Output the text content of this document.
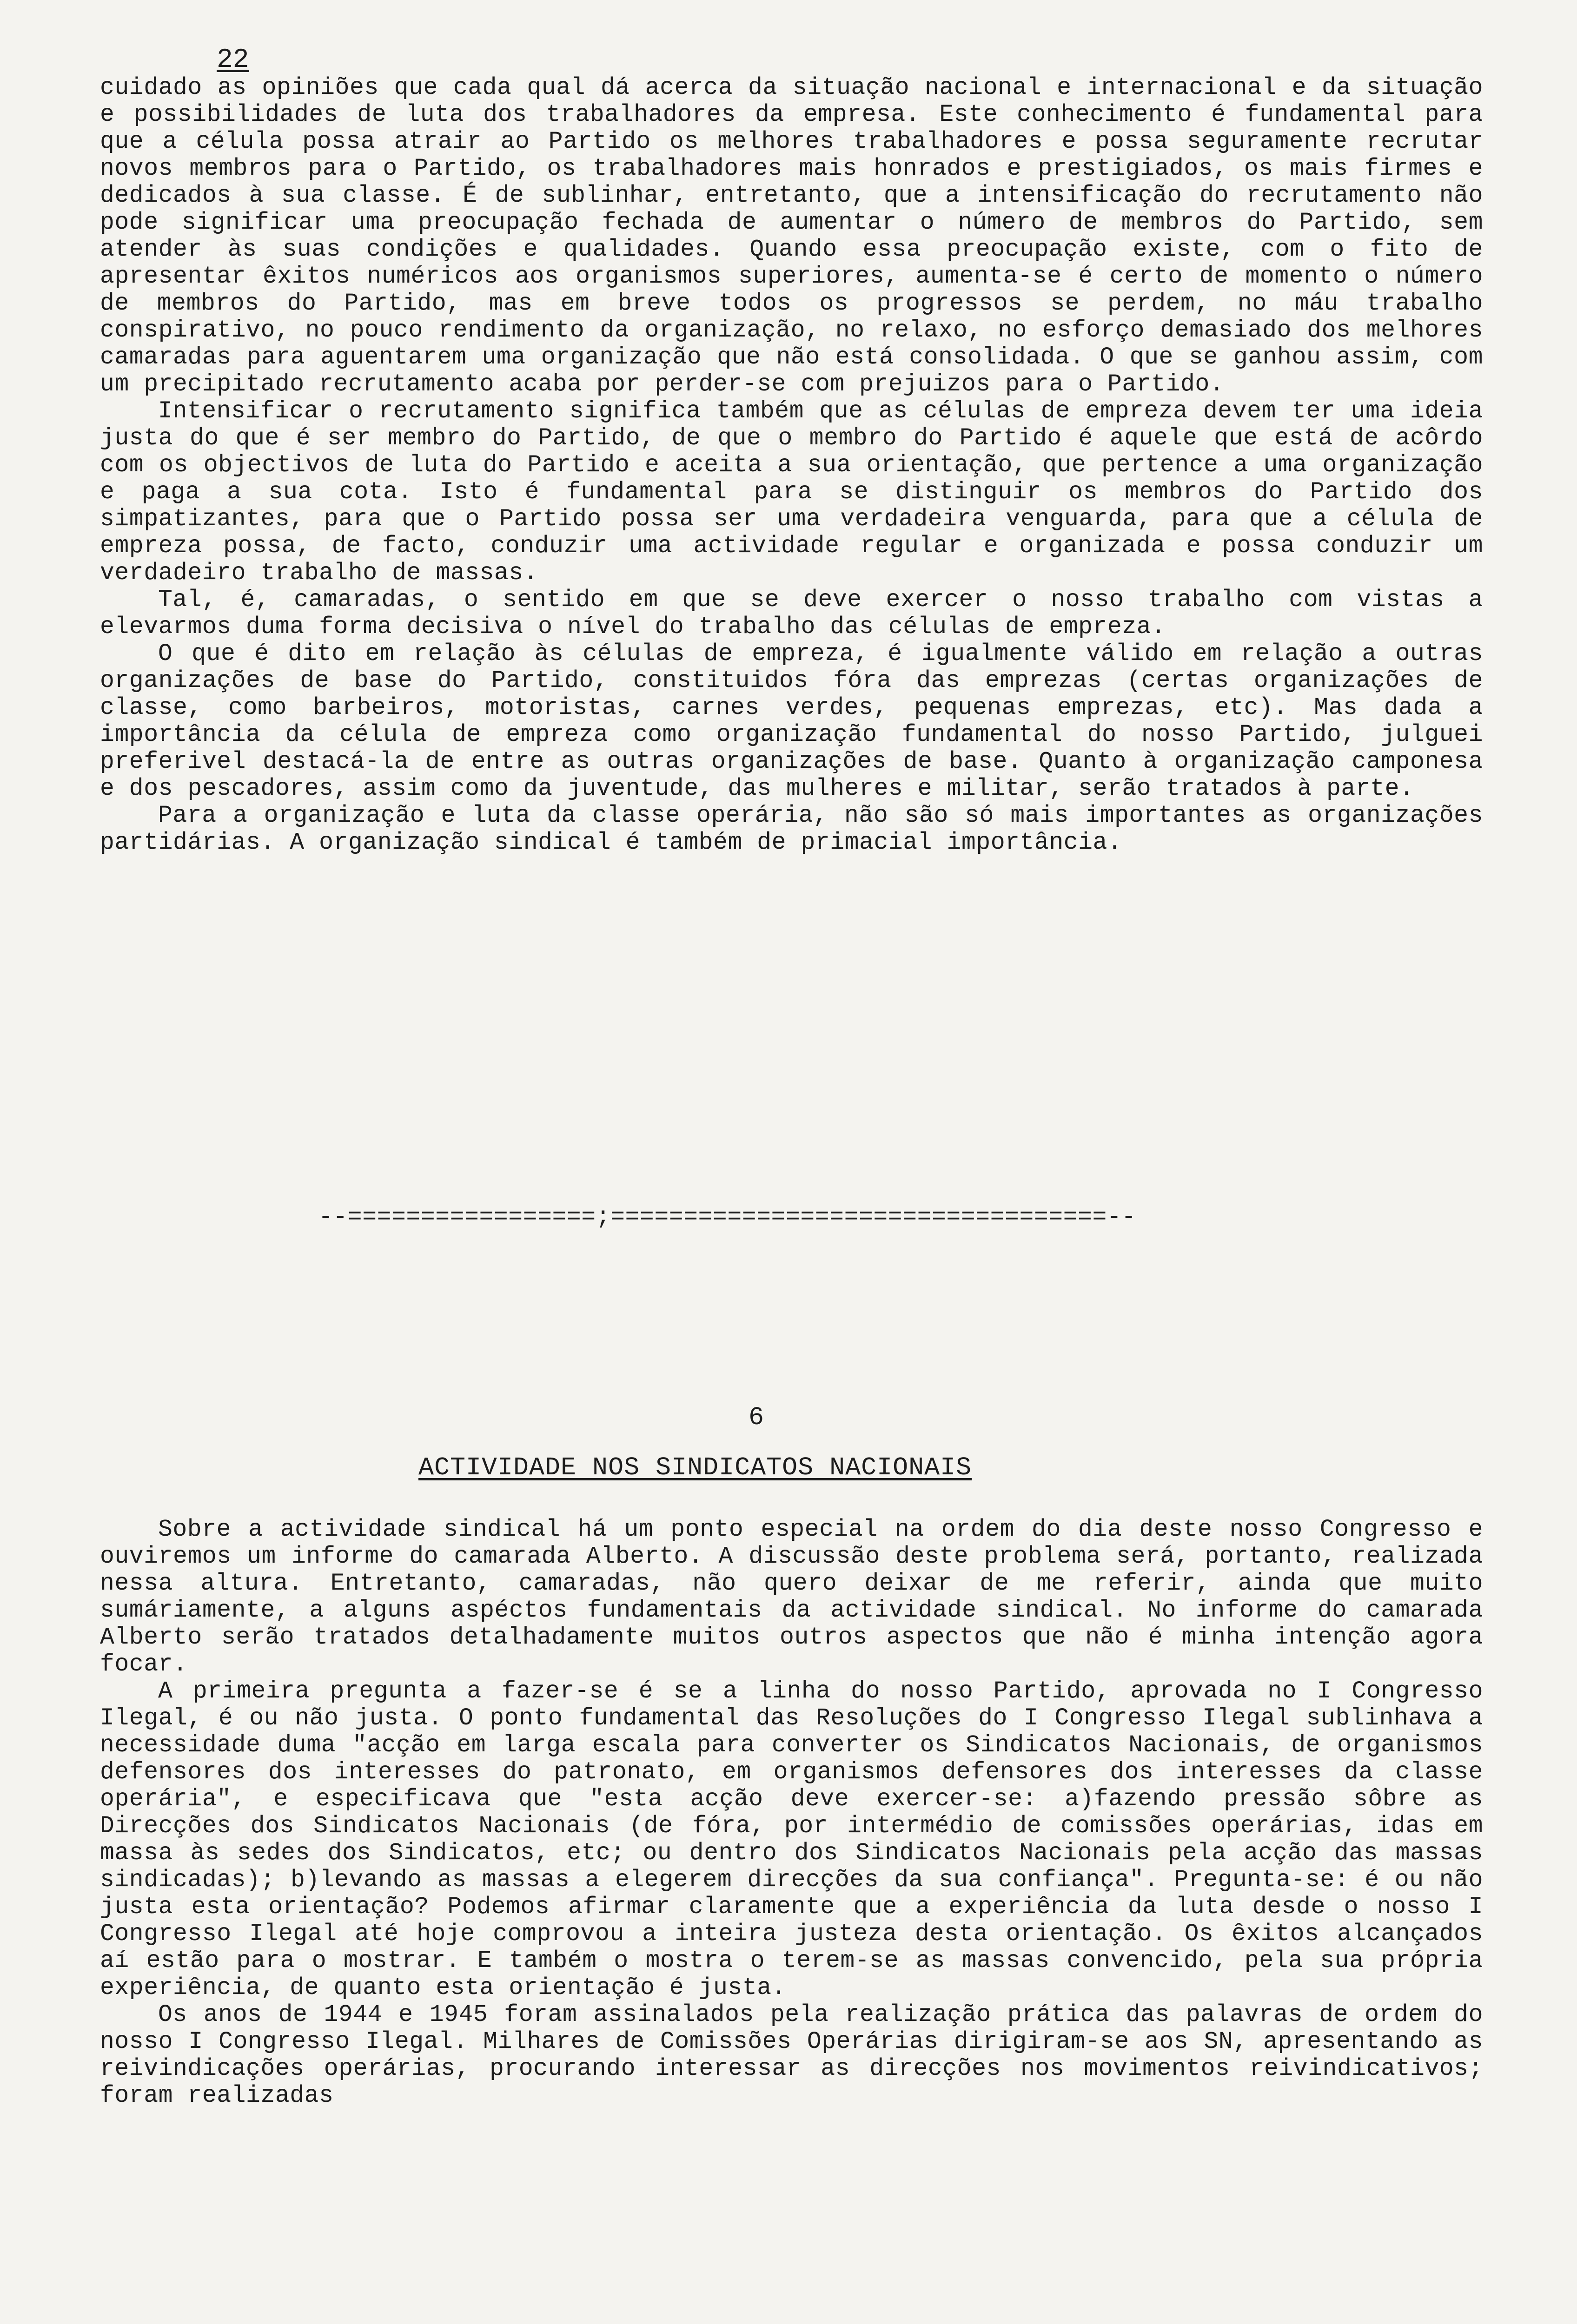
22

cuidado as opiniões que cada qual dá acerca da situação nacional e internacional e da situação e possibilidades de luta dos trabalhadores da empresa. Este conhecimento é fundamental para que a célula possa atrair ao Partido os melhores trabalhadores e possa seguramente recrutar novos membros para o Partido, os trabalhadores mais honrados e prestigiados, os mais firmes e dedicados à sua classe. É de sublinhar, entretanto, que a intensificação do recrutamento não pode significar uma preocupação fechada de aumentar o número de membros do Partido, sem atender às suas condições e qualidades. Quando essa preocupação existe, com o fito de apresentar êxitos numéricos aos organismos superiores, aumenta-se é certo de momento o número de membros do Partido, mas em breve todos os progressos se perdem, no máu trabalho conspirativo, no pouco rendimento da organização, no relaxo, no esforço demasiado dos melhores camaradas para aguentarem uma organização que não está consolidada. O que se ganhou assim, com um precipitado recrutamento acaba por perder-se com prejuizos para o Partido.

Intensificar o recrutamento significa também que as células de empreza devem ter uma ideia justa do que é ser membro do Partido, de que o membro do Partido é aquele que está de acôrdo com os objectivos de luta do Partido e aceita a sua orientação, que pertence a uma organização e paga a sua cota. Isto é fundamental para se distinguir os membros do Partido dos simpatizantes, para que o Partido possa ser uma verdadeira venguarda, para que a célula de empreza possa, de facto, conduzir uma actividade regular e organizada e possa conduzir um verdadeiro trabalho de massas.

Tal, é, camaradas, o sentido em que se deve exercer o nosso trabalho com vistas a elevarmos duma forma decisiva o nível do trabalho das células de empreza.

O que é dito em relação às células de empreza, é igualmente válido em relação a outras organizações de base do Partido, constituidos fóra das emprezas (certas organizações de classe, como barbeiros, motoristas, carnes verdes, pequenas emprezas, etc). Mas dada a importância da célula de empreza como organização fundamental do nosso Partido, julguei preferivel destacá-la de entre as outras organizações de base. Quanto à organização camponesa e dos pescadores, assim como da juventude, das mulheres e militar, serão tratados à parte.

Para a organização e luta da classe operária, não são só mais importantes as organizações partidárias. A organização sindical é também de primacial importância.

--=================;==================================--
6
ACTIVIDADE NOS SINDICATOS NACIONAIS

Sobre a actividade sindical há um ponto especial na ordem do dia deste nosso Congresso e ouviremos um informe do camarada Alberto. A discussão deste problema será, portanto, realizada nessa altura. Entretanto, camaradas, não quero deixar de me referir, ainda que muito sumáriamente, a alguns aspéctos fundamentais da actividade sindical. No informe do camarada Alberto serão tratados detalhadamente muitos outros aspectos que não é minha intenção agora focar.

A primeira pregunta a fazer-se é se a linha do nosso Partido, aprovada no I Congresso Ilegal, é ou não justa. O ponto fundamental das Resoluções do I Congresso Ilegal sublinhava a necessidade duma "acção em larga escala para converter os Sindicatos Nacionais, de organismos defensores dos interesses do patronato, em organismos defensores dos interesses da classe operária", e especificava que "esta acção deve exercer-se: a)fazendo pressão sôbre as Direcções dos Sindicatos Nacionais (de fóra, por intermédio de comissões operárias, idas em massa às sedes dos Sindicatos, etc; ou dentro dos Sindicatos Nacionais pela acção das massas sindicadas); b)levando as massas a elegerem direcções da sua confiança". Pregunta-se: é ou não justa esta orientação? Podemos afirmar claramente que a experiência da luta desde o nosso I Congresso Ilegal até hoje comprovou a inteira justeza desta orientação. Os êxitos alcançados aí estão para o mostrar. E também o mostra o terem-se as massas convencido, pela sua própria experiência, de quanto esta orientação é justa.

Os anos de 1944 e 1945 foram assinalados pela realização prática das palavras de ordem do nosso I Congresso Ilegal. Milhares de Comissões Operárias dirigiram-se aos SN, apresentando as reivindicações operárias, procurando interessar as direcções nos movimentos reivindicativos; foram realizadas
